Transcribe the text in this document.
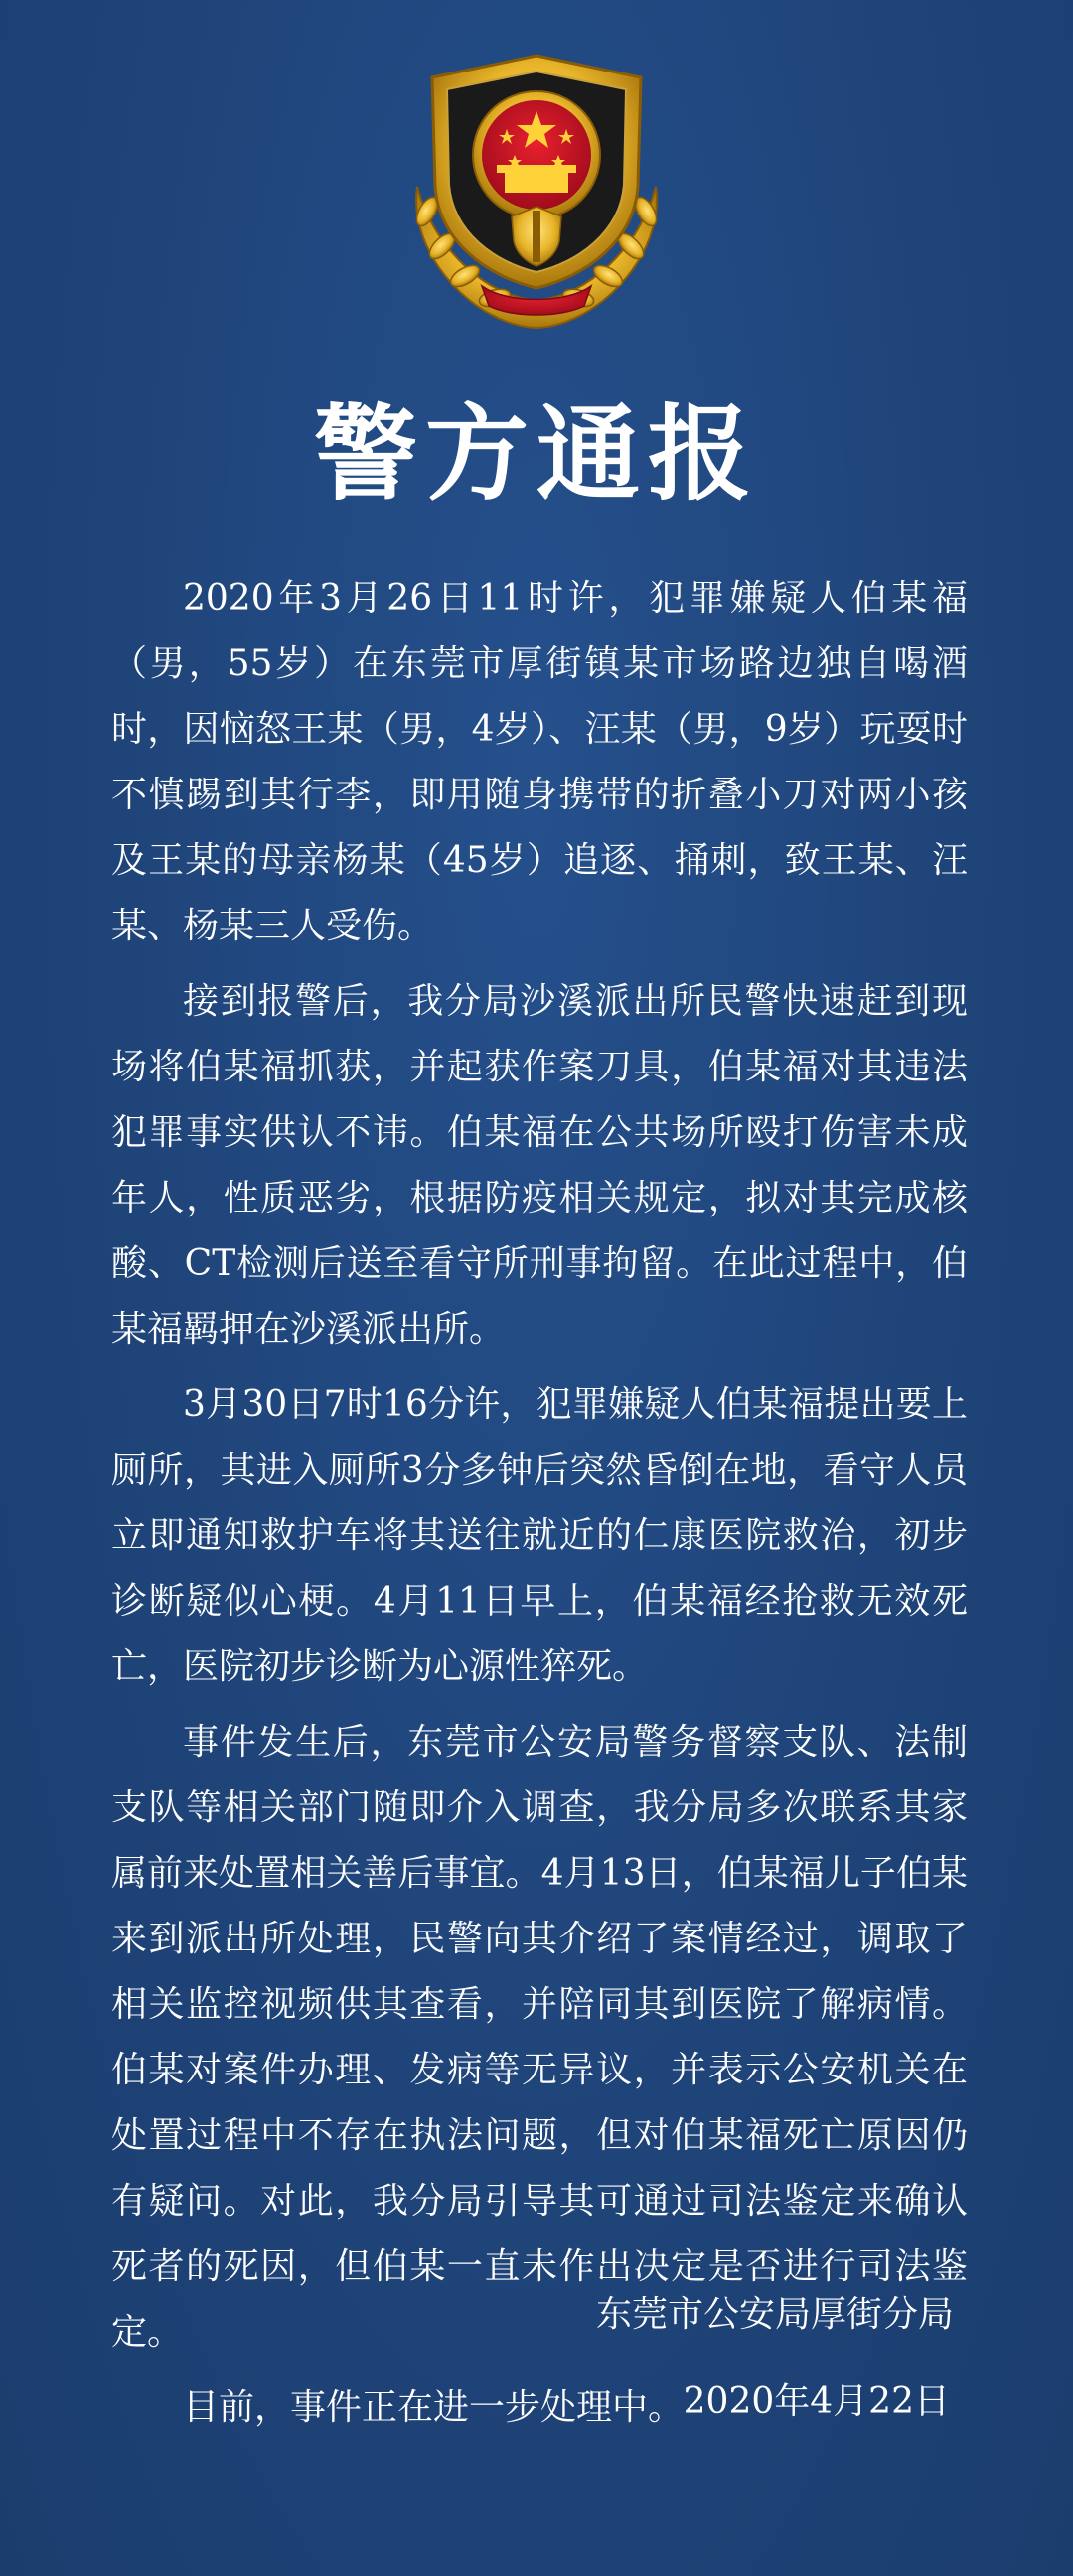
警方通报

2020年3月26日11时许，犯罪嫌疑人伯某福（男，55岁）在东莞市厚街镇某市场路边独自喝酒时，因恼怒王某（男，4岁）、汪某（男，9岁）玩耍时不慎踢到其行李，即用随身携带的折叠小刀对两小孩及王某的母亲杨某（45岁）追逐、捅刺，致王某、汪某、杨某三人受伤。

接到报警后，我分局沙溪派出所民警快速赶到现场将伯某福抓获，并起获作案刀具，伯某福对其违法犯罪事实供认不讳。伯某福在公共场所殴打伤害未成年人，性质恶劣，根据防疫相关规定，拟对其完成核酸、CT检测后送至看守所刑事拘留。在此过程中，伯某福羁押在沙溪派出所。

3月30日7时16分许，犯罪嫌疑人伯某福提出要上厕所，其进入厕所3分多钟后突然昏倒在地，看守人员立即通知救护车将其送往就近的仁康医院救治，初步诊断疑似心梗。4月11日早上，伯某福经抢救无效死亡，医院初步诊断为心源性猝死。

事件发生后，东莞市公安局警务督察支队、法制支队等相关部门随即介入调查，我分局多次联系其家属前来处置相关善后事宜。4月13日，伯某福儿子伯某来到派出所处理，民警向其介绍了案情经过，调取了相关监控视频供其查看，并陪同其到医院了解病情。伯某对案件办理、发病等无异议，并表示公安机关在处置过程中不存在执法问题，但对伯某福死亡原因仍有疑问。对此，我分局引导其可通过司法鉴定来确认死者的死因，但伯某一直未作出决定是否进行司法鉴定。

目前，事件正在进一步处理中。

东莞市公安局厚街分局
2020年4月22日
